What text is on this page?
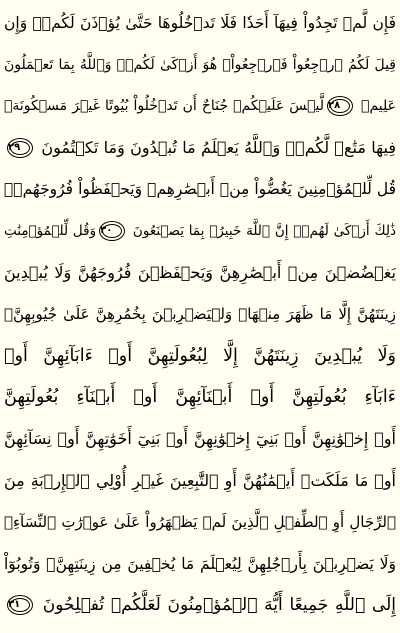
فَإِن لَّمۡ تَجِدُواْ فِيهَآ أَحَدٗا فَلَا تَدۡخُلُوهَا حَتَّىٰ يُؤۡذَنَ لَكُمۡۖ وَإِن
قِيلَ لَكُمُ ٱرۡجِعُواْ فَٱرۡجِعُواْۖ هُوَ أَزۡكَىٰ لَكُمۡۚ وَٱللَّهُ بِمَا تَعۡمَلُونَ
عَلِيمٞ ٢٨لَّيۡسَ عَلَيۡكُمۡ جُنَاحٌ أَن تَدۡخُلُواْ بُيُوتًا غَيۡرَ مَسۡكُونَةٖ
فِيهَا مَتَٰعٞ لَّكُمۡۚ وَٱللَّهُ يَعۡلَمُ مَا تُبۡدُونَ وَمَا تَكۡتُمُونَ ٢٩
قُل لِّلۡمُؤۡمِنِينَ يَغُضُّواْ مِنۡ أَبۡصَٰرِهِمۡ وَيَحۡفَظُواْ فُرُوجَهُمۡۚ
ذَٰلِكَ أَزۡكَىٰ لَهُمۡۚ إِنَّ ٱللَّهَ خَبِيرُۢ بِمَا يَصۡنَعُونَ ٣٠وَقُل لِّلۡمُؤۡمِنَٰتِ
يَغۡضُضۡنَ مِنۡ أَبۡصَٰرِهِنَّ وَيَحۡفَظۡنَ فُرُوجَهُنَّ وَلَا يُبۡدِينَ
زِينَتَهُنَّ إِلَّا مَا ظَهَرَ مِنۡهَاۖ وَلۡيَضۡرِبۡنَ بِخُمُرِهِنَّ عَلَىٰ جُيُوبِهِنَّۖ
وَلَا يُبۡدِينَ زِينَتَهُنَّ إِلَّا لِبُعُولَتِهِنَّ أَوۡ ءَابَآئِهِنَّ أَوۡ
ءَابَآءِ بُعُولَتِهِنَّ أَوۡ أَبۡنَآئِهِنَّ أَوۡ أَبۡنَآءِ بُعُولَتِهِنَّ
أَوۡ إِخۡوَٰنِهِنَّ أَوۡ بَنِيٓ إِخۡوَٰنِهِنَّ أَوۡ بَنِيٓ أَخَوَٰتِهِنَّ أَوۡ نِسَآئِهِنَّ
أَوۡ مَا مَلَكَتۡ أَيۡمَٰنُهُنَّ أَوِ ٱلتَّٰبِعِينَ غَيۡرِ أُوْلِي ٱلۡإِرۡبَةِ مِنَ
ٱلرِّجَالِ أَوِ ٱلطِّفۡلِ ٱلَّذِينَ لَمۡ يَظۡهَرُواْ عَلَىٰ عَوۡرَٰتِ ٱلنِّسَآءِۖ
وَلَا يَضۡرِبۡنَ بِأَرۡجُلِهِنَّ لِيُعۡلَمَ مَا يُخۡفِينَ مِن زِينَتِهِنَّۚ وَتُوبُوٓاْ
إِلَى ٱللَّهِ جَمِيعًا أَيُّهَ ٱلۡمُؤۡمِنُونَ لَعَلَّكُمۡ تُفۡلِحُونَ ٣١
